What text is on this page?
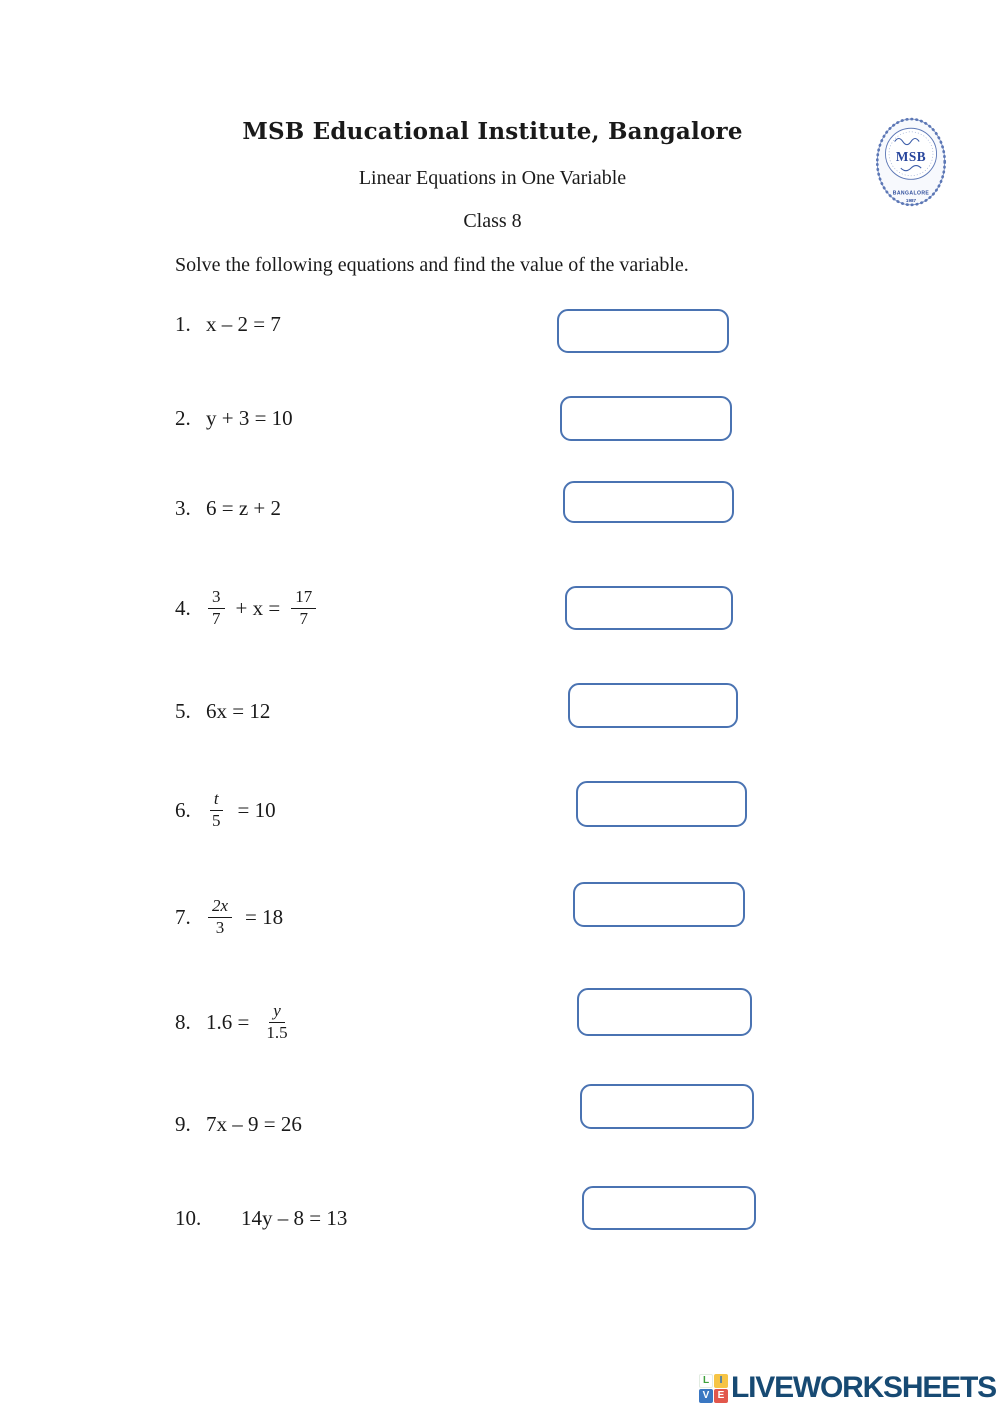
MSB Educational Institute, Bangalore
Linear Equations in One Variable
Class 8
Solve the following equations and find the value of the variable.
MSB
BANGALORE
1987
1. x – 2 = 7
2. y + 3 = 10
3. 6 = z + 2
4.	$\frac{3}{7} + x = \frac{17}{7}$
5. 6x = 12
6.	$\frac{t}{5} = 10$
7.	$\frac{2x}{3} = 18$
8. $1.6 = \frac{y}{1.5}$
9. 7x – 9 = 26
10.	14y – 8 = 13
L	I
V E LIVEWORKSHEETS
